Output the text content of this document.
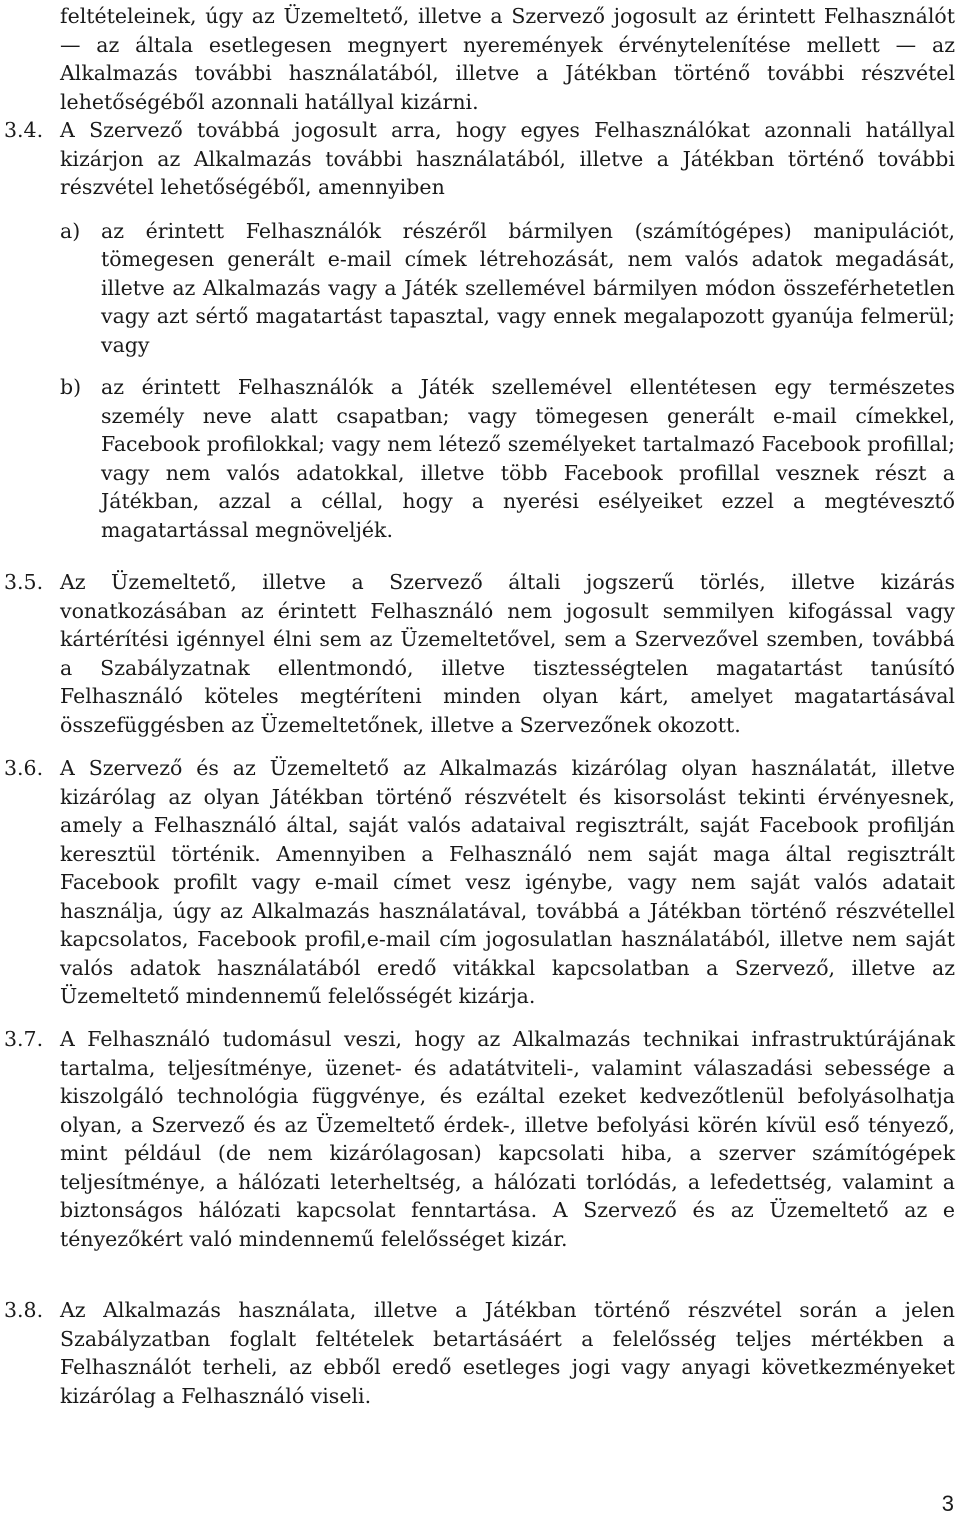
feltételeinek, úgy az Üzemeltető, illetve a Szervező jogosult az érintett Felhasználót — az általa esetlegesen megnyert nyeremények érvénytelenítése mellett — az Alkalmazás további használatából, illetve a Játékban történő további részvétel lehetőségéből azonnali hatállyal kizárni.

3.4. A Szervező továbbá jogosult arra, hogy egyes Felhasználókat azonnali hatállyal kizárjon az Alkalmazás további használatából, illetve a Játékban történő további részvétel lehetőségéből, amennyiben

a) az érintett Felhasználók részéről bármilyen (számítógépes) manipulációt, tömegesen generált e-mail címek létrehozását, nem valós adatok megadását, illetve az Alkalmazás vagy a Játék szellemével bármilyen módon összeférhetetlen vagy azt sértő magatartást tapasztal, vagy ennek megalapozott gyanúja felmerül; vagy

b) az érintett Felhasználók a Játék szellemével ellentétesen egy természetes személy neve alatt csapatban; vagy tömegesen generált e-mail címekkel, Facebook profilokkal; vagy nem létező személyeket tartalmazó Facebook profillal; vagy nem valós adatokkal, illetve több Facebook profillal vesznek részt a Játékban, azzal a céllal, hogy a nyerési esélyeiket ezzel a megtévesztő magatartással megnöveljék.

3.5. Az Üzemeltető, illetve a Szervező általi jogszerű törlés, illetve kizárás vonatkozásában az érintett Felhasználó nem jogosult semmilyen kifogással vagy kártérítési igénnyel élni sem az Üzemeltetővel, sem a Szervezővel szemben, továbbá a Szabályzatnak ellentmondó, illetve tisztességtelen magatartást tanúsító Felhasználó köteles megtéríteni minden olyan kárt, amelyet magatartásával összefüggésben az Üzemeltetőnek, illetve a Szervezőnek okozott.

3.6. A Szervező és az Üzemeltető az Alkalmazás kizárólag olyan használatát, illetve kizárólag az olyan Játékban történő részvételt és kisorsolást tekinti érvényesnek, amely a Felhasználó által, saját valós adataival regisztrált, saját Facebook profilján keresztül történik. Amennyiben a Felhasználó nem saját maga által regisztrált Facebook profilt vagy e-mail címet vesz igénybe, vagy nem saját valós adatait használja, úgy az Alkalmazás használatával, továbbá a Játékban történő részvétellel kapcsolatos, Facebook profil,e-mail cím jogosulatlan használatából, illetve nem saját valós adatok használatából eredő vitákkal kapcsolatban a Szervező, illetve az Üzemeltető mindennemű felelősségét kizárja.

3.7. A Felhasználó tudomásul veszi, hogy az Alkalmazás technikai infrastruktúrájának tartalma, teljesítménye, üzenet- és adatátviteli-, valamint válaszadási sebessége a kiszolgáló technológia függvénye, és ezáltal ezeket kedvezőtlenül befolyásolhatja olyan, a Szervező és az Üzemeltető érdek-, illetve befolyási körén kívül eső tényező, mint például (de nem kizárólagosan) kapcsolati hiba, a szerver számítógépek teljesítménye, a hálózati leterheltség, a hálózati torlódás, a lefedettség, valamint a biztonságos hálózati kapcsolat fenntartása. A Szervező és az Üzemeltető az e tényezőkért való mindennemű felelősséget kizár.

3.8. Az Alkalmazás használata, illetve a Játékban történő részvétel során a jelen Szabályzatban foglalt feltételek betartásáért a felelősség teljes mértékben a Felhasználót terheli, az ebből eredő esetleges jogi vagy anyagi következményeket kizárólag a Felhasználó viseli.

3
